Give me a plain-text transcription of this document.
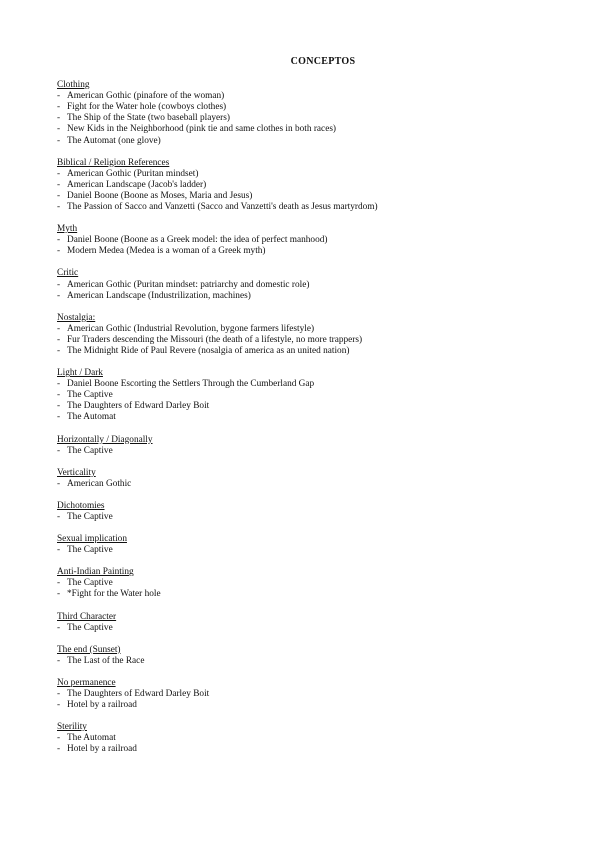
CONCEPTOS
Clothing
- American Gothic (pinafore of the woman)
- Fight for the Water hole (cowboys clothes)
- The Ship of the State (two baseball players)
- New Kids in the Neighborhood (pink tie and same clothes in both races)
- The Automat (one glove)
Biblical / Religion References
- American Gothic (Puritan mindset)
- American Landscape (Jacob's ladder)
- Daniel Boone (Boone as Moses, Maria and Jesus)
- The Passion of Sacco and Vanzetti (Sacco and Vanzetti's death as Jesus martyrdom)
Myth
- Daniel Boone (Boone as a Greek model: the idea of perfect manhood)
- Modern Medea (Medea is a woman of a Greek myth)
Critic
- American Gothic (Puritan mindset: patriarchy and domestic role)
- American Landscape (Industrilization, machines)
Nostalgia:
- American Gothic (Industrial Revolution, bygone farmers lifestyle)
- Fur Traders descending the Missouri (the death of a lifestyle, no more trappers)
- The Midnight Ride of Paul Revere (nosalgia of america as an united nation)
Light / Dark
- Daniel Boone Escorting the Settlers Through the Cumberland Gap
- The Captive
- The Daughters of Edward Darley Boit
- The Automat
Horizontally / Diagonally
- The Captive
Verticality
- American Gothic
Dichotomies
- The Captive
Sexual implication
- The Captive
Anti-Indian Painting
- The Captive
- *Fight for the Water hole
Third Character
- The Captive
The end (Sunset)
- The Last of the Race
No permanence
- The Daughters of Edward Darley Boit
- Hotel by a railroad
Sterility
- The Automat
- Hotel by a railroad
